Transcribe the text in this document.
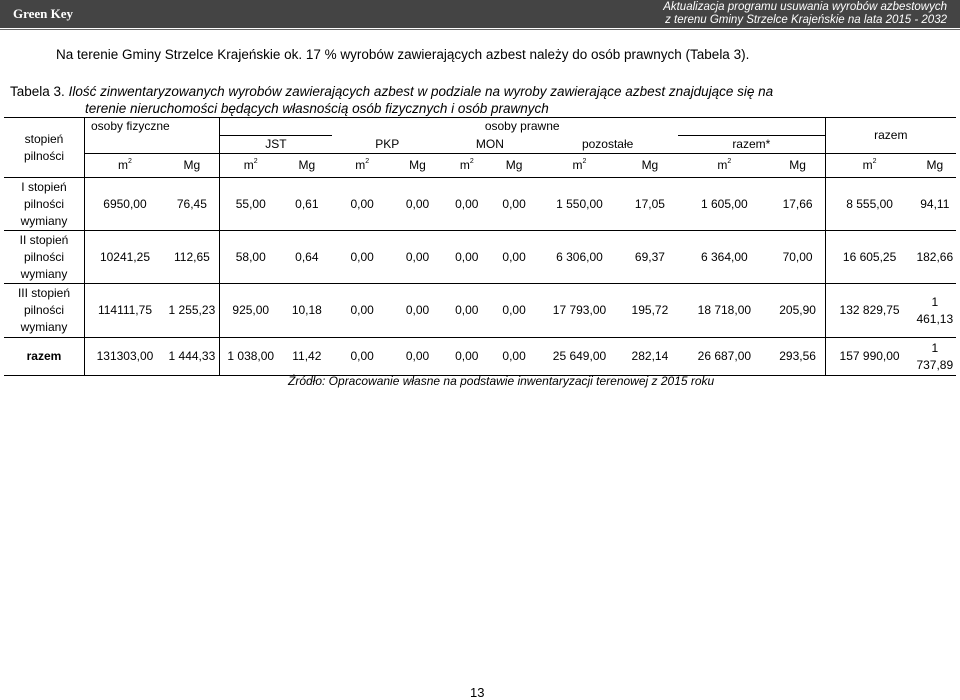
Green Key	Aktualizacja programu usuwania wyrobów azbestowych
z terenu Gminy Strzelce Krajeńskie na lata 2015 - 2032
Na terenie Gminy Strzelce Krajeńskie ok. 17 % wyrobów zawierających azbest należy do osób prawnych (Tabela 3).
Tabela 3. Ilość zinwentaryzowanych wyrobów zawierających azbest w podziale na wyroby zawierające azbest znajdujące się na
terenie nieruchomości będących własnością osób fizycznych i osób prawnych
stopień
pilności	osoby fizyczne		osoby prawne										razem	
			JST		PKP		MON		pozostałe		razem*			
	$m^2$	Mg	$m^2$	Mg	$m^2$	Mg	$m^2$	Mg	$m^2$	Mg	$m^2$	Mg	$m^2$	Mg

I stopień
pilności
wymiany	6950,00	76,45	55,00	0,61	0,00	0,00	0,00	0,00	1 550,00	17,05	1 605,00	17,66	8 555,00	94,11

II stopień
pilności
wymiany	10241,25	112,65	58,00	0,64	0,00	0,00	0,00	0,00	6 306,00	69,37	6 364,00	70,00	16 605,25	182,66

III stopień
pilności
wymiany	114111,75	1 255,23	925,00	10,18	0,00	0,00	0,00	0,00	17 793,00	195,72	18 718,00	205,90	132 829,75	1 461,13
razem	131303,00	1 444,33	1 038,00	11,42	0,00	0,00	0,00	0,00	25 649,00	282,14	26 687,00	293,56	157 990,00	1 737,89
Źródło: Opracowanie własne na podstawie inwentaryzacji terenowej z 2015 roku
13
